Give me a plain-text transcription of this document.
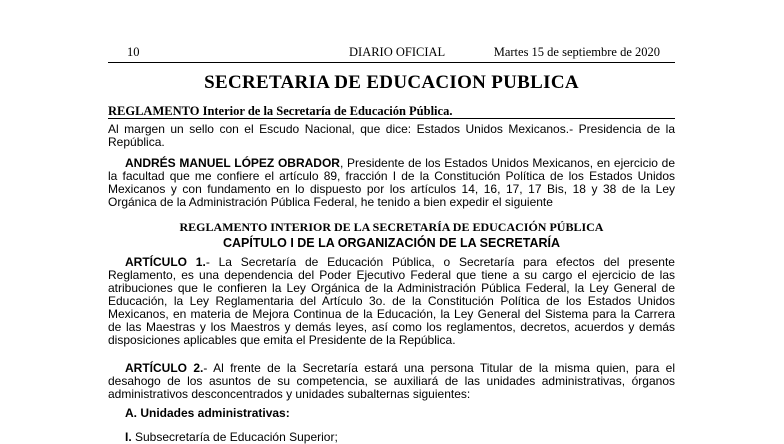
10	DIARIO OFICIAL	Martes 15 de septiembre de 2020
SECRETARIA DE EDUCACION PUBLICA
REGLAMENTO Interior de la Secretaría de Educación Pública.
Al margen un sello con el Escudo Nacional, que dice: Estados Unidos Mexicanos.- Presidencia de la República.
ANDRÉS MANUEL LÓPEZ OBRADOR, Presidente de los Estados Unidos Mexicanos, en ejercicio de la facultad que me confiere el artículo 89, fracción I de la Constitución Política de los Estados Unidos Mexicanos y con fundamento en lo dispuesto por los artículos 14, 16, 17, 17 Bis, 18 y 38 de la Ley Orgánica de la Administración Pública Federal, he tenido a bien expedir el siguiente
REGLAMENTO INTERIOR DE LA SECRETARÍA DE EDUCACIÓN PÚBLICA
CAPÍTULO I DE LA ORGANIZACIÓN DE LA SECRETARÍA
ARTÍCULO 1.- La Secretaría de Educación Pública, o Secretaría para efectos del presente Reglamento, es una dependencia del Poder Ejecutivo Federal que tiene a su cargo el ejercicio de las atribuciones que le confieren la Ley Orgánica de la Administración Pública Federal, la Ley General de Educación, la Ley Reglamentaria del Artículo 3o. de la Constitución Política de los Estados Unidos Mexicanos, en materia de Mejora Continua de la Educación, la Ley General del Sistema para la Carrera de las Maestras y los Maestros y demás leyes, así como los reglamentos, decretos, acuerdos y demás disposiciones aplicables que emita el Presidente de la República.
ARTÍCULO 2.- Al frente de la Secretaría estará una persona Titular de la misma quien, para el desahogo de los asuntos de su competencia, se auxiliará de las unidades administrativas, órganos administrativos desconcentrados y unidades subalternas siguientes:
A. Unidades administrativas:
I. Subsecretaría de Educación Superior;
